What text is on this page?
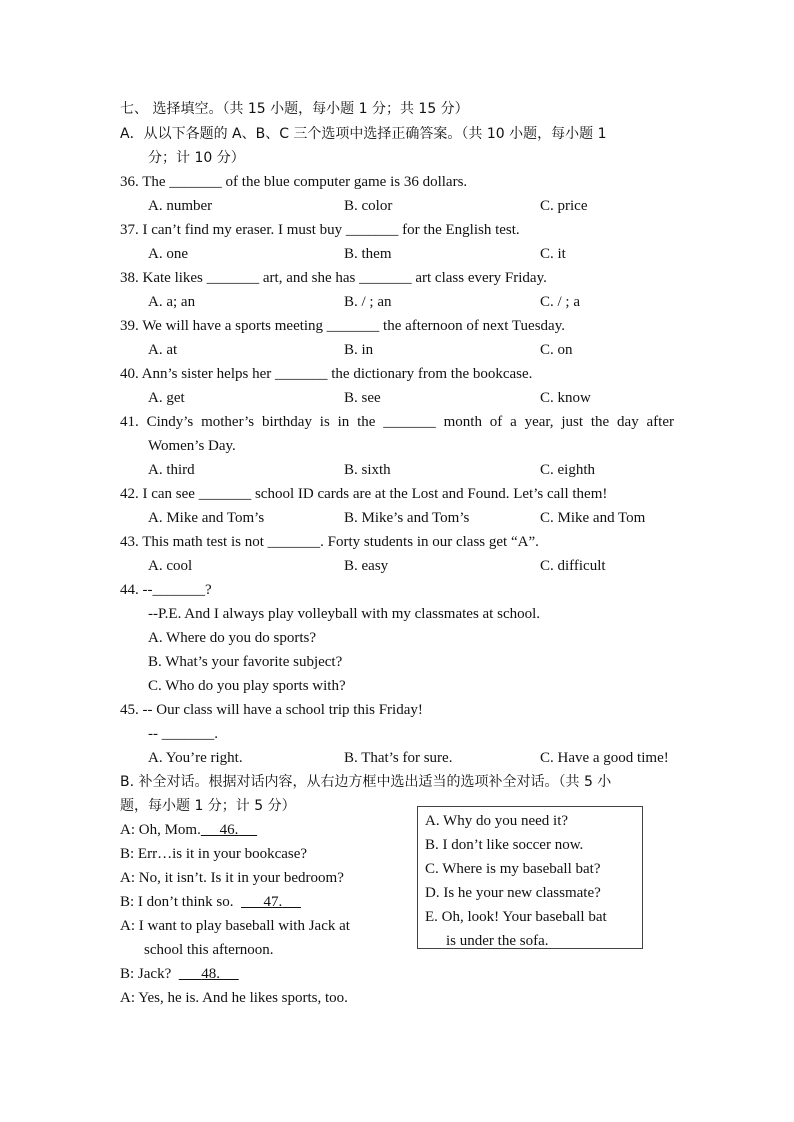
七、 选择填空。（共 15 小题，每小题 1 分；共 15 分）
A．从以下各题的 A、B、C 三个选项中选择正确答案。（共 10 小题，每小题 1
分；计 10 分）
36. The _______ of the blue computer game is 36 dollars.
A. number	B. color	C. price
37. I can’t find my eraser. I must buy _______ for the English test.
A. one	B. them	C. it
38. Kate likes _______ art, and she has _______ art class every Friday.
A. a; an	B. / ; an	C. / ; a
39. We will have a sports meeting _______ the afternoon of next Tuesday.
A. at	B. in	C. on
40. Ann’s sister helps her _______ the dictionary from the bookcase.
A. get	B. see	C. know
41. Cindy’s mother’s birthday is in the _______ month of a year, just the day after
Women’s Day.
A. third	B. sixth	C. eighth
42. I can see _______ school ID cards are at the Lost and Found. Let’s call them!
A. Mike and Tom’s	B. Mike’s and Tom’s	C. Mike and Tom
43. This math test is not _______. Forty students in our class get “A”.
A. cool	B. easy	C. difficult
44. --_______?
--P.E. And I always play volleyball with my classmates at school.
A. Where do you do sports?
B. What’s your favorite subject?
C. Who do you play sports with?
45. -- Our class will have a school trip this Friday!
-- _______.
A. You’re right.	B. That’s for sure.	C. Have a good time!
B. 补全对话。根据对话内容，从右边方框中选出适当的选项补全对话。（共 5 小
题，每小题 1 分；计 5 分）
A: Oh, Mom. 46.
B: Err…is it in your bookcase?
A: No, it isn’t. Is it in your bedroom?
B: I don’t think so. 47.
A: I want to play baseball with Jack at
school this afternoon.
B: Jack? 48.
A: Yes, he is. And he likes sports, too.
A. Why do you need it?
B. I don’t like soccer now.
C. Where is my baseball bat?
D. Is he your new classmate?
E. Oh, look! Your baseball bat
is under the sofa.
